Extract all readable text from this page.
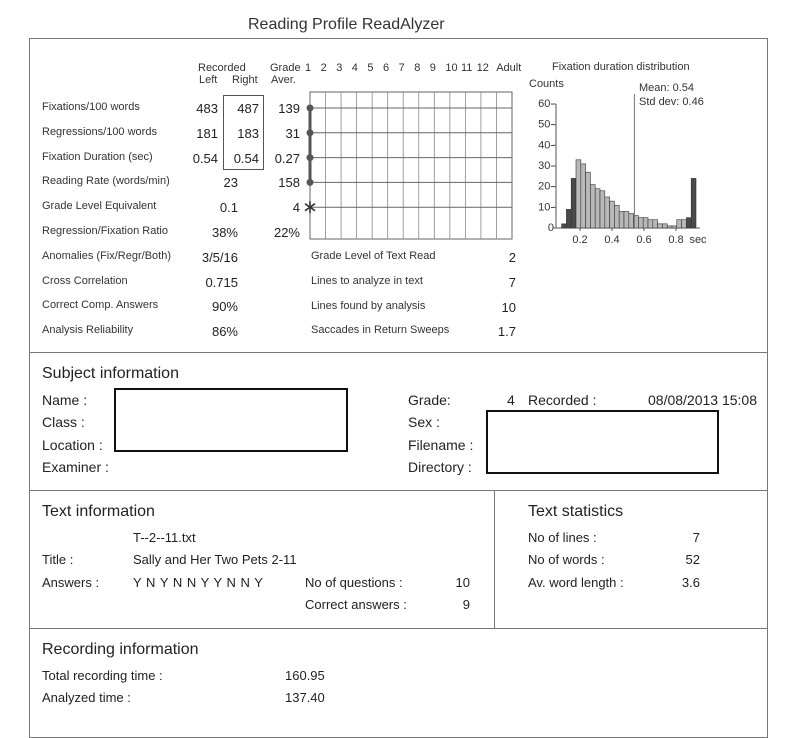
Reading Profile ReadAlyzer
Recorded
Left Right
Grade
Aver.
1 2 3 4 5 6 7 8 9 10 11 12 Adult
Fixations/100 words	483	487	139
Regressions/100 words	181	183	31
Fixation Duration (sec)	0.54	0.54	0.27
Reading Rate (words/min)	23	158
Grade Level Equivalent	0.1	4
Regression/Fixation Ratio	38%	22%
Anomalies (Fix/Regr/Both)	3/5/16
Cross Correlation	0.715
Correct Comp. Answers	90%
Analysis Reliability	86%
Grade Level of Text Read	2
Lines to analyze in text	7
Lines found by analysis	10
Saccades in Return Sweeps	1.7
Fixation duration distribution
Counts	Mean: 0.54
Std dev: 0.46
60-
50-
40-
30-
20-
10-
0
0.2 0.4 0.6 0.8 sec
Subject information
Name :
Class :
Location :
Examiner :
Grade:	4 Recorded :	08/08/2013 15:08
Sex :
Filename :
Directory :
Text information
T--2--11.txt
Title :	Sally and Her Two Pets 2-11
Answers :	Y N Y N N Y Y N N Y	No of questions :	10
Correct answers :	9
Text statistics
No of lines :	7
No of words :	52
Av. word length :	3.6
Recording information
Total recording time :	160.95
Analyzed time :	137.40
